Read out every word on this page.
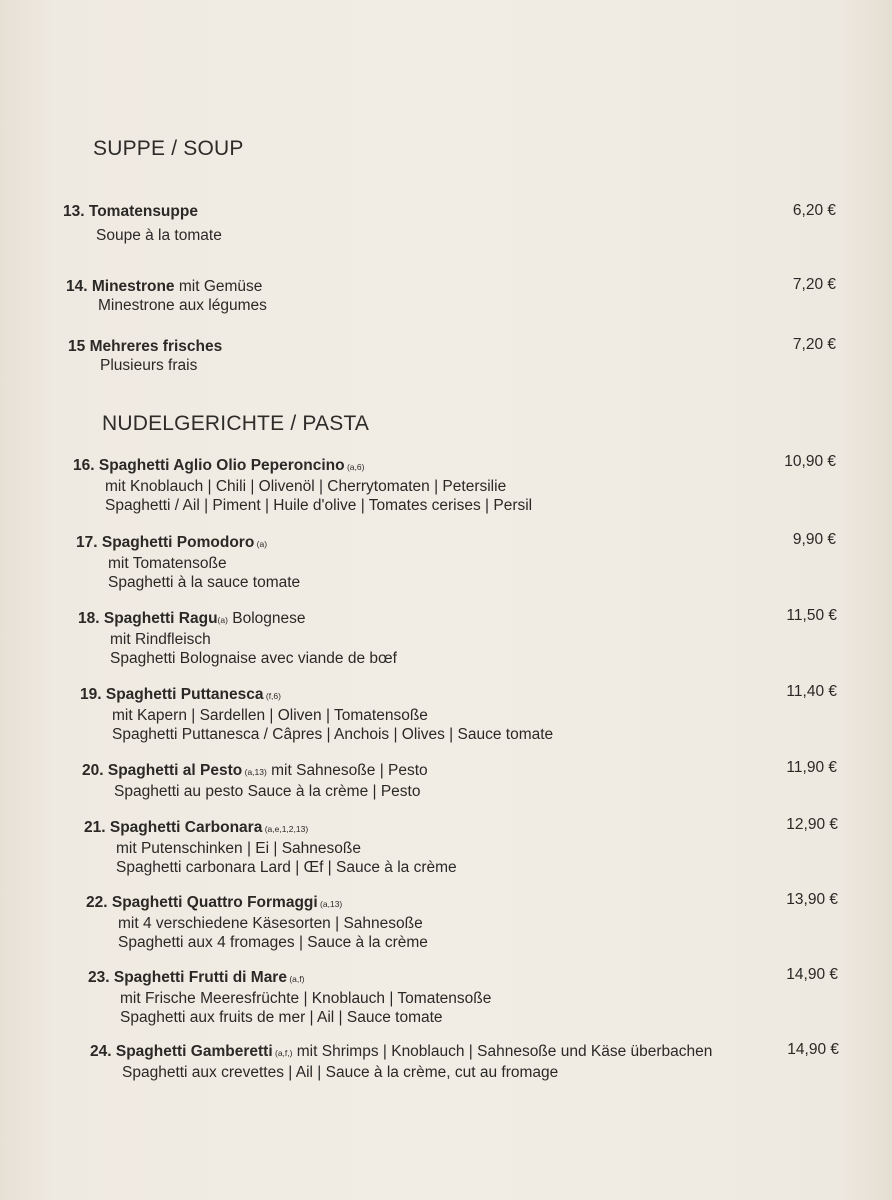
SUPPE / SOUP
NUDELGERICHTE / PASTA
13. Tomatensuppe
Soupe à la tomate
6,20 €
14. Minestrone mit Gemüse
Minestrone aux légumes
7,20 €
15 Mehreres frisches
Plusieurs frais
7,20 €
16. Spaghetti Aglio Olio Peperoncino (a,6)
mit Knoblauch | Chili | Olivenöl | Cherrytomaten | Petersilie
Spaghetti / Ail | Piment | Huile d'olive | Tomates cerises | Persil
10,90 €
17. Spaghetti Pomodoro (a)
mit Tomatensoße
Spaghetti à la sauce tomate
9,90 €
18. Spaghetti Ragu(a) Bolognese
mit Rindfleisch
Spaghetti Bolognaise avec viande de bœf
11,50 €
19. Spaghetti Puttanesca (f,6)
mit Kapern | Sardellen | Oliven | Tomatensoße
Spaghetti Puttanesca / Câpres | Anchois | Olives | Sauce tomate
11,40 €
20. Spaghetti al Pesto (a,13) mit Sahnesoße | Pesto
Spaghetti au pesto Sauce à la crème | Pesto
11,90 €
21. Spaghetti Carbonara (a,e,1,2,13)
mit Putenschinken | Ei | Sahnesoße
Spaghetti carbonara Lard | Œf | Sauce à la crème
12,90 €
22. Spaghetti Quattro Formaggi (a,13)
mit 4 verschiedene Käsesorten | Sahnesoße
Spaghetti aux 4 fromages | Sauce à la crème
13,90 €
23. Spaghetti Frutti di Mare (a,f)
mit Frische Meeresfrüchte | Knoblauch | Tomatensoße
Spaghetti aux fruits de mer | Ail | Sauce tomate
14,90 €
24. Spaghetti Gamberetti (a,f,) mit Shrimps | Knoblauch | Sahnesoße und Käse überbachen
Spaghetti aux crevettes | Ail | Sauce à la crème, cut au fromage
14,90 €
